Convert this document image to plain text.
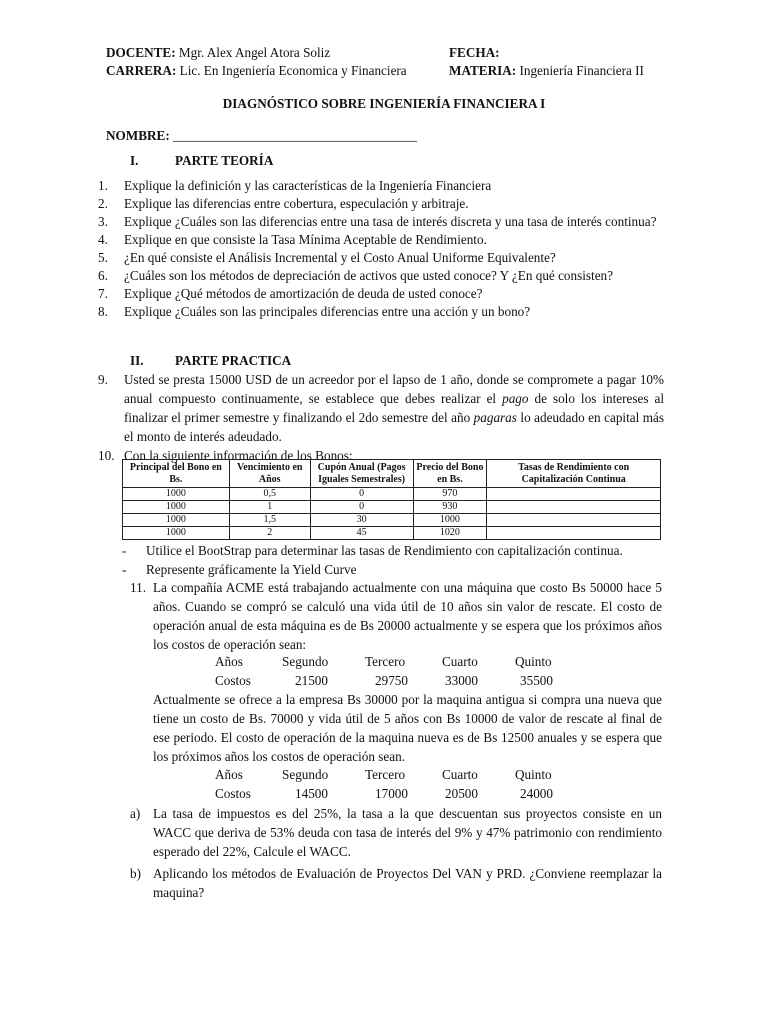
DOCENTE: Mgr. Alex Angel Atora Soliz	FECHA:
CARRERA: Lic. En Ingeniería Economica y Financiera	MATERIA: Ingeniería Financiera II
DIAGNÓSTICO SOBRE INGENIERÍA FINANCIERA I
NOMBRE: _____________________________________
I.	PARTE TEORÍA
1. Explique la definición y las características de la Ingeniería Financiera
2. Explique las diferencias entre cobertura, especulación y arbitraje.
3. Explique ¿Cuáles son las diferencias entre una tasa de interés discreta y una tasa de interés continua?
4. Explique en que consiste la Tasa Mínima Aceptable de Rendimiento.
5. ¿En qué consiste el Análisis Incremental y el Costo Anual Uniforme Equivalente?
6. ¿Cuáles son los métodos de depreciación de activos que usted conoce? Y ¿En qué consisten?
7. Explique ¿Qué métodos de amortización de deuda de usted conoce?
8. Explique ¿Cuáles son las principales diferencias entre una acción y un bono?
II. PARTE PRACTICA
9. Usted se presta 15000 USD de un acreedor por el lapso de 1 año, donde se compromete a pagar 10% anual compuesto continuamente, se establece que debes realizar el pago de solo los intereses al finalizar el primer semestre y finalizando el 2do semestre del año pagaras lo adeudado en capital más el monto de interés adeudado.
10. Con la siguiente información de los Bonos:
Principal del Bono en Bs.	Vencimiento en Años	Cupón Anual (Pagos Iguales Semestrales)	Precio del Bono en Bs.	Tasas de Rendimiento con Capitalización Continua
1000	0,5	0	970	
1000	1	0	930	
1000	1,5	30	1000	
1000	2	45	1020	
- Utilice el BootStrap para determinar las tasas de Rendimiento con capitalización continua.
- Represente gráficamente la Yield Curve
11. La compañía ACME está trabajando actualmente con una máquina que costo Bs 50000 hace 5 años. Cuando se compró se calculó una vida útil de 10 años sin valor de rescate. El costo de operación anual de esta máquina es de Bs 20000 actualmente y se espera que los próximos años los costos de operación sean:
Años	Segundo	Tercero	Cuarto	Quinto
Costos	21500	29750	33000	35500
Actualmente se ofrece a la empresa Bs 30000 por la maquina antigua si compra una nueva que tiene un costo de Bs. 70000 y vida útil de 5 años con Bs 10000 de valor de rescate al final de ese periodo. El costo de operación de la maquina nueva es de Bs 12500 anuales y se espera que los próximos años los costos de operación sean.
Años	Segundo	Tercero	Cuarto	Quinto
Costos	14500	17000	20500	24000
a) La tasa de impuestos es del 25%, la tasa a la que descuentan sus proyectos consiste en un WACC que deriva de 53% deuda con tasa de interés del 9% y 47% patrimonio con rendimiento esperado del 22%, Calcule el WACC.
b) Aplicando los métodos de Evaluación de Proyectos Del VAN y PRD. ¿Conviene reemplazar la maquina?
